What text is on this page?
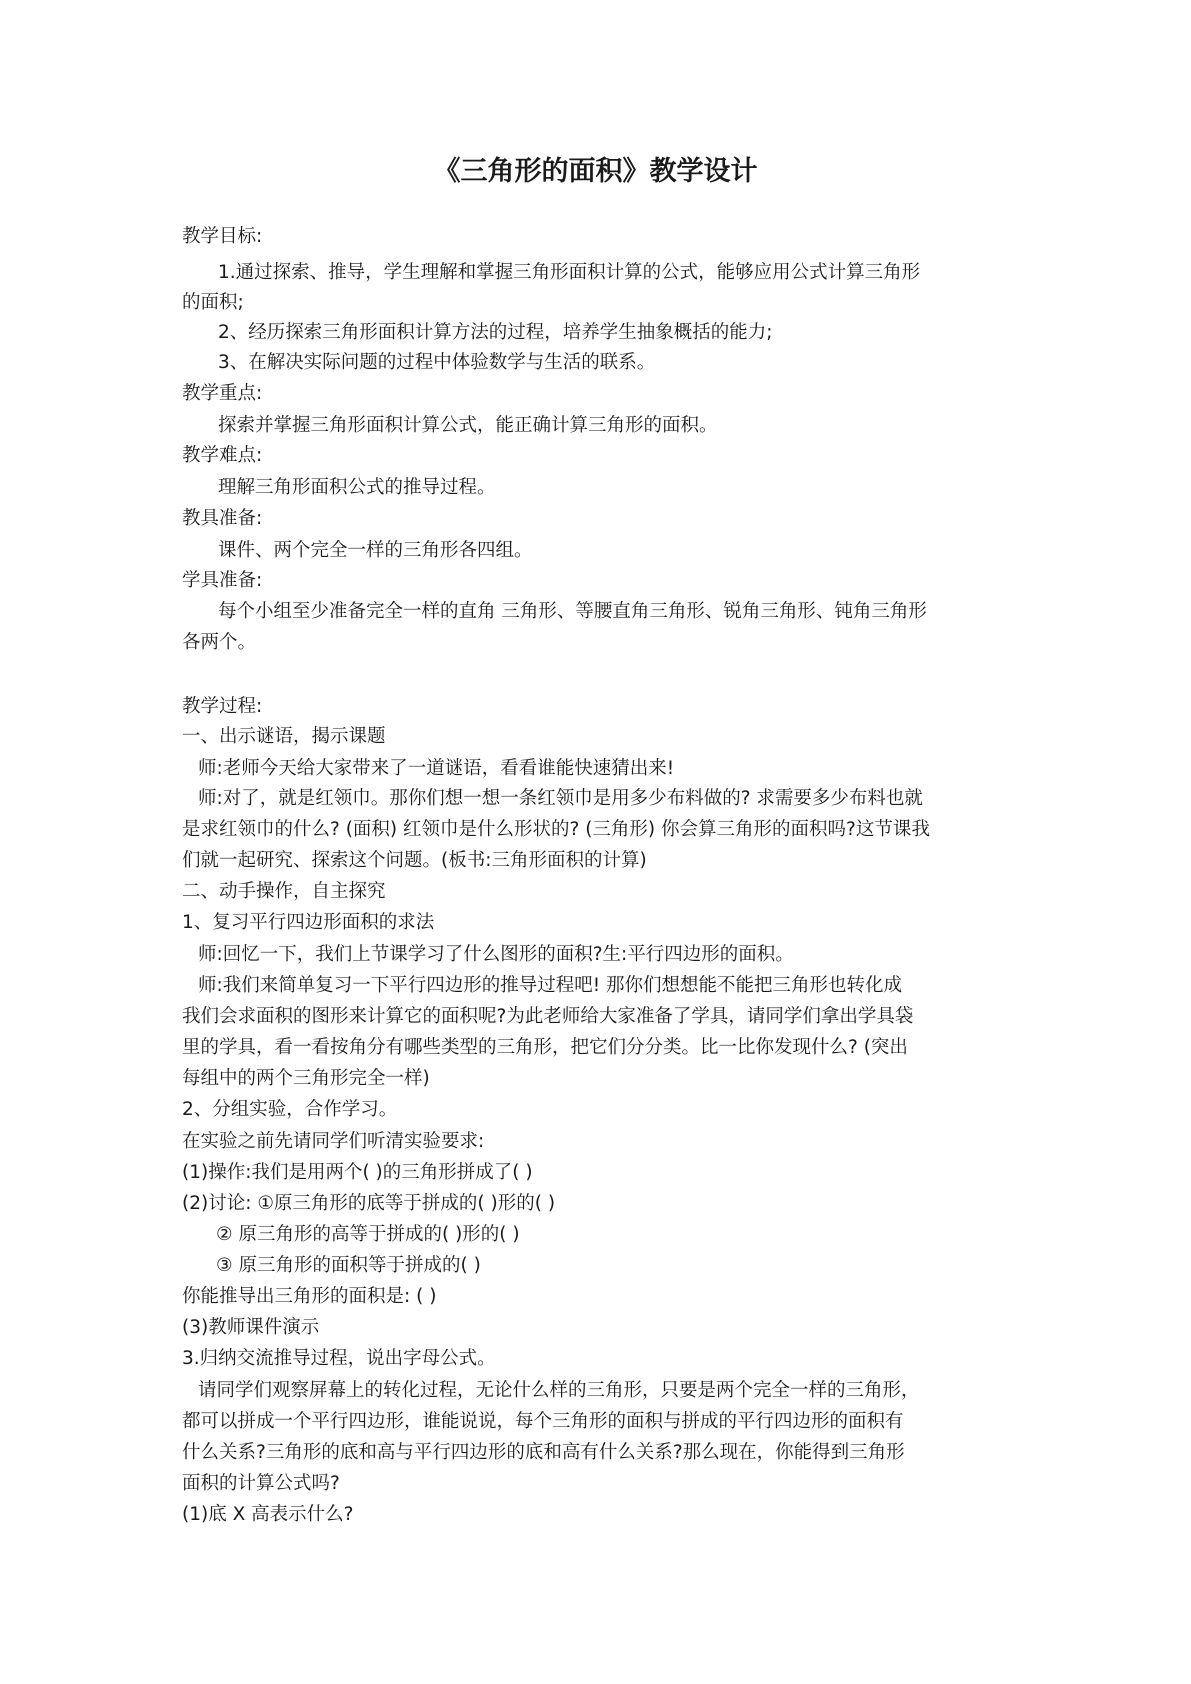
《三角形的面积》教学设计
教学目标:
1.通过探索、推导，学生理解和掌握三角形面积计算的公式，能够应用公式计算三角形
的面积;
2、经历探索三角形面积计算方法的过程，培养学生抽象概括的能力;
3、在解决实际问题的过程中体验数学与生活的联系。
教学重点:
探索并掌握三角形面积计算公式，能正确计算三角形的面积。
教学难点:
理解三角形面积公式的推导过程。
教具准备:
课件、两个完全一样的三角形各四组。
学具准备:
每个小组至少准备完全一样的直角 三角形、等腰直角三角形、锐角三角形、钝角三角形
各两个。
教学过程:
一、出示谜语，揭示课题
师:老师今天给大家带来了一道谜语，看看谁能快速猜出来!
师:对了，就是红领巾。那你们想一想一条红领巾是用多少布料做的? 求需要多少布料也就
是求红领巾的什么? (面积) 红领巾是什么形状的? (三角形) 你会算三角形的面积吗?这节课我
们就一起研究、探索这个问题。(板书:三角形面积的计算)
二、动手操作，自主探究
1、复习平行四边形面积的求法
师:回忆一下，我们上节课学习了什么图形的面积?生:平行四边形的面积。
师:我们来简单复习一下平行四边形的推导过程吧! 那你们想想能不能把三角形也转化成
我们会求面积的图形来计算它的面积呢?为此老师给大家准备了学具，请同学们拿出学具袋
里的学具，看一看按角分有哪些类型的三角形，把它们分分类。比一比你发现什么? (突出
每组中的两个三角形完全一样)
2、分组实验，合作学习。
在实验之前先请同学们听清实验要求:
(1)操作:我们是用两个( )的三角形拼成了( )
(2)讨论: ①原三角形的底等于拼成的( )形的( )
② 原三角形的高等于拼成的( )形的( )
③ 原三角形的面积等于拼成的( )
你能推导出三角形的面积是: ( )
(3)教师课件演示
3.归纳交流推导过程，说出字母公式。
请同学们观察屏幕上的转化过程，无论什么样的三角形，只要是两个完全一样的三角形，
都可以拼成一个平行四边形，谁能说说，每个三角形的面积与拼成的平行四边形的面积有
什么关系?三角形的底和高与平行四边形的底和高有什么关系?那么现在，你能得到三角形
面积的计算公式吗?
(1)底 X 高表示什么?
